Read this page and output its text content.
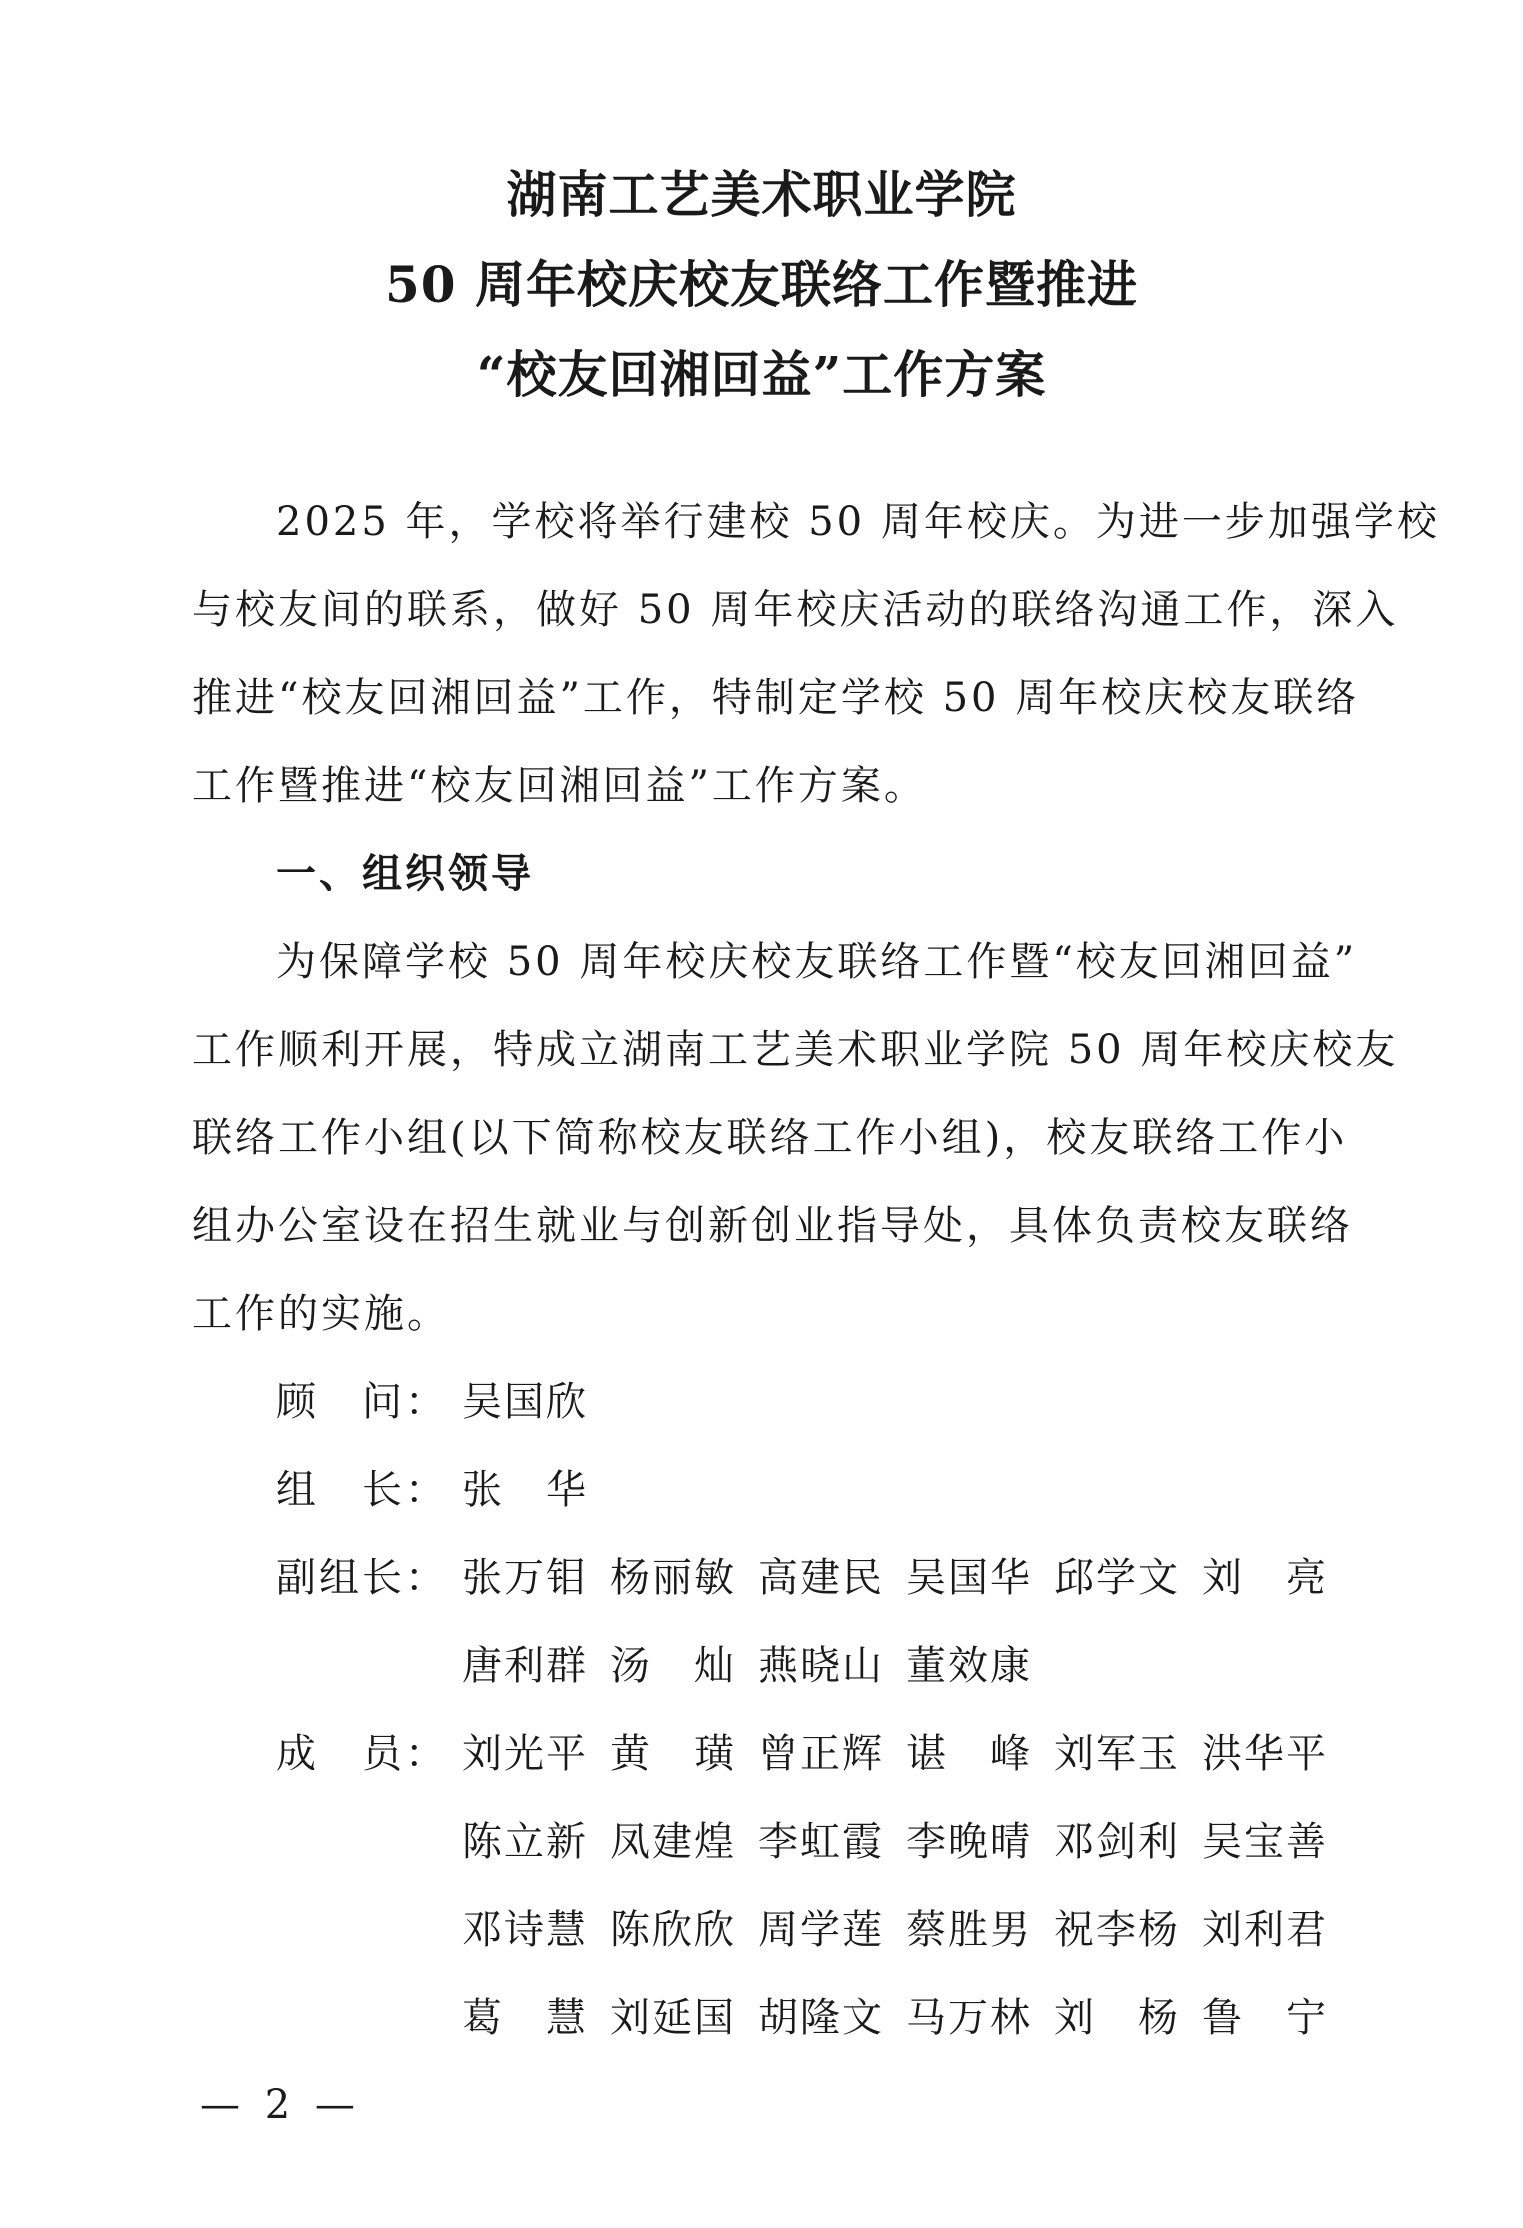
湖南工艺美术职业学院
50 周年校庆校友联络工作暨推进
“校友回湘回益”工作方案
2025 年，学校将举行建校 50 周年校庆。为进一步加强学校
与校友间的联系，做好 50 周年校庆活动的联络沟通工作，深入
推进“校友回湘回益”工作，特制定学校 50 周年校庆校友联络
工作暨推进“校友回湘回益”工作方案。
一、组织领导
为保障学校 50 周年校庆校友联络工作暨“校友回湘回益”
工作顺利开展，特成立湖南工艺美术职业学院 50 周年校庆校友
联络工作小组(以下简称校友联络工作小组)，校友联络工作小
组办公室设在招生就业与创新创业指导处，具体负责校友联络
工作的实施。
顾　问： 吴国欣
组　长： 张　华
副组长： 张万钼 杨丽敏 高建民 吴国华 邱学文 刘　亮
唐利群 汤　灿 燕晓山 董效康
成　员： 刘光平 黄　璜 曾正辉 谌　峰 刘军玉 洪华平
陈立新 凤建煌 李虹霞 李晚晴 邓剑利 吴宝善
邓诗慧 陈欣欣 周学莲 蔡胜男 祝李杨 刘利君
葛　慧 刘延国 胡隆文 马万林 刘　杨 鲁　宁
— 2 —
